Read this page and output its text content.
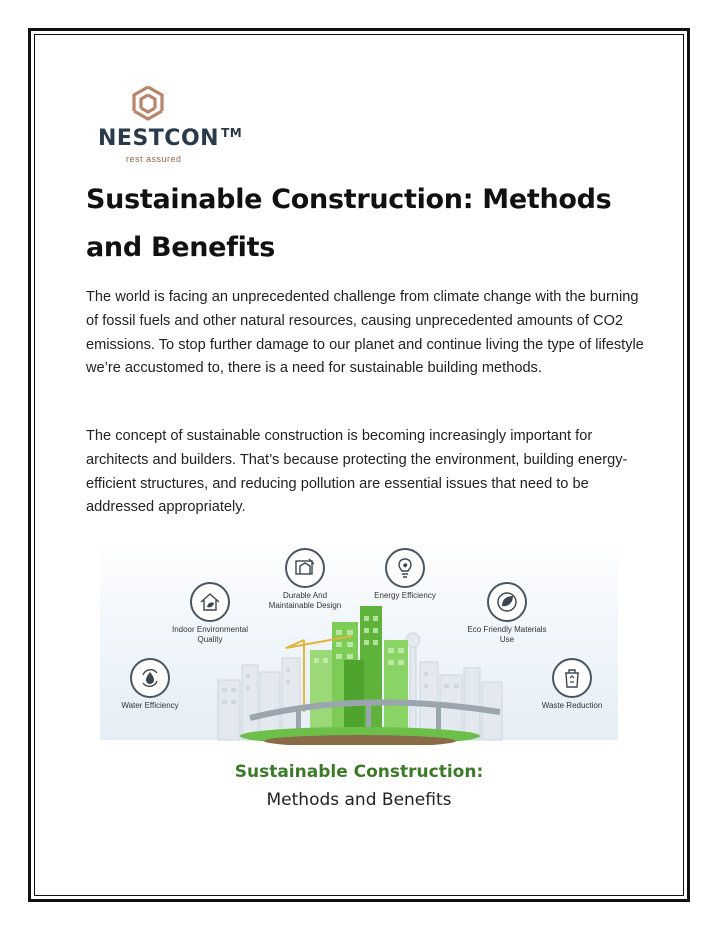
NESTCON ™
rest assured
Sustainable Construction: Methods and Benefits

The world is facing an unprecedented challenge from climate change with the burning of fossil fuels and other natural resources, causing unprecedented amounts of CO2 emissions. To stop further damage to our planet and continue living the type of lifestyle we’re accustomed to, there is a need for sustainable building methods.

The concept of sustainable construction is becoming increasingly important for architects and builders. That’s because protecting the environment, building energy-efficient structures, and reducing pollution are essential issues that need to be addressed appropriately.

Durable And Maintainable Design
Energy Efficiency
Indoor Environmental Quality
Eco Friendly Materials Use
Water Efficiency	Waste Reduction
Sustainable Construction:
Methods and Benefits
